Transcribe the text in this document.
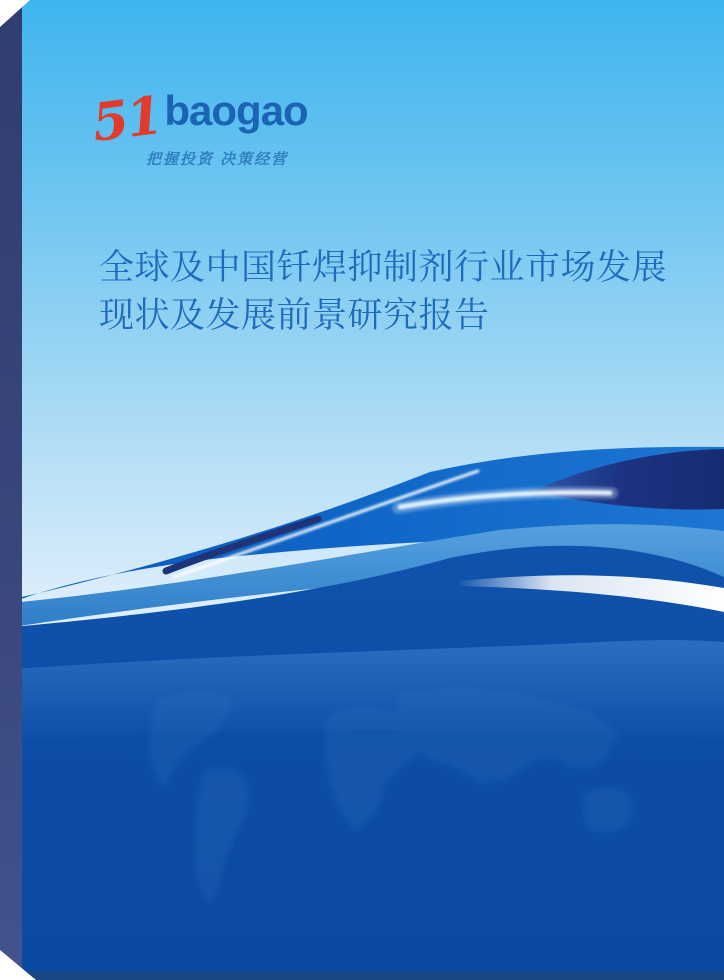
51 baogao
把握投资 决策经营
全球及中国钎焊抑制剂行业市场发展
现状及发展前景研究报告
